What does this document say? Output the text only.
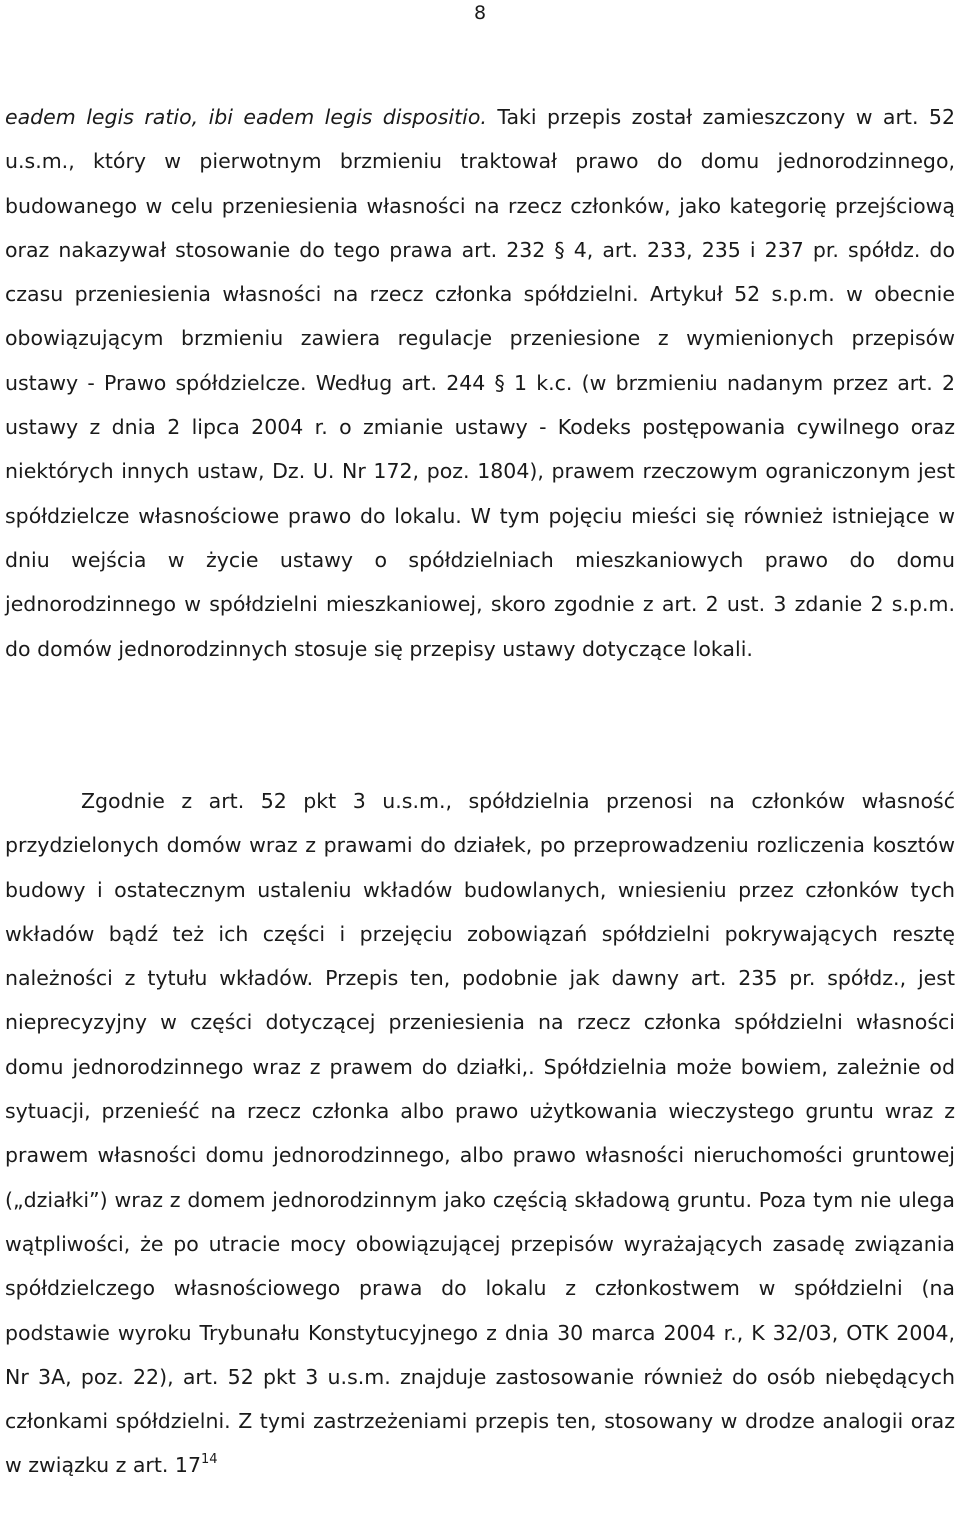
8

eadem legis ratio, ibi eadem legis dispositio. Taki przepis został zamieszczony w art. 52 u.s.m., który w pierwotnym brzmieniu traktował prawo do domu jednorodzinnego, budowanego w celu przeniesienia własności na rzecz członków, jako kategorię przejściową oraz nakazywał stosowanie do tego prawa art. 232 § 4, art. 233, 235 i 237 pr. spółdz. do czasu przeniesienia własności na rzecz członka spółdzielni. Artykuł 52 s.p.m. w obecnie obowiązującym brzmieniu zawiera regulacje przeniesione z wymienionych przepisów ustawy - Prawo spółdzielcze. Według art. 244 § 1 k.c. (w brzmieniu nadanym przez art. 2 ustawy z dnia 2 lipca 2004 r. o zmianie ustawy - Kodeks postępowania cywilnego oraz niektórych innych ustaw, Dz. U. Nr 172, poz. 1804), prawem rzeczowym ograniczonym jest spółdzielcze własnościowe prawo do lokalu. W tym pojęciu mieści się również istniejące w dniu wejścia w życie ustawy o spółdzielniach mieszkaniowych prawo do domu jednorodzinnego w spółdzielni mieszkaniowej, skoro zgodnie z art. 2 ust. 3 zdanie 2 s.p.m. do domów jednorodzinnych stosuje się przepisy ustawy dotyczące lokali.

Zgodnie z art. 52 pkt 3 u.s.m., spółdzielnia przenosi na członków własność przydzielonych domów wraz z prawami do działek, po przeprowadzeniu rozliczenia kosztów budowy i ostatecznym ustaleniu wkładów budowlanych, wniesieniu przez członków tych wkładów bądź też ich części i przejęciu zobowiązań spółdzielni pokrywających resztę należności z tytułu wkładów. Przepis ten, podobnie jak dawny art. 235 pr. spółdz., jest nieprecyzyjny w części dotyczącej przeniesienia na rzecz członka spółdzielni własności domu jednorodzinnego wraz z prawem do działki,. Spółdzielnia może bowiem, zależnie od sytuacji, przenieść na rzecz członka albo prawo użytkowania wieczystego gruntu wraz z prawem własności domu jednorodzinnego, albo prawo własności nieruchomości gruntowej („działki”) wraz z domem jednorodzinnym jako częścią składową gruntu. Poza tym nie ulega wątpliwości, że po utracie mocy obowiązującej przepisów wyrażających zasadę związania spółdzielczego własnościowego prawa do lokalu z członkostwem w spółdzielni (na podstawie wyroku Trybunału Konstytucyjnego z dnia 30 marca 2004 r., K 32/03, OTK 2004, Nr 3A, poz. 22), art. 52 pkt 3 u.s.m. znajduje zastosowanie również do osób niebędących członkami spółdzielni. Z tymi zastrzeżeniami przepis ten, stosowany w drodze analogii oraz w związku z art. $17^{14}$
